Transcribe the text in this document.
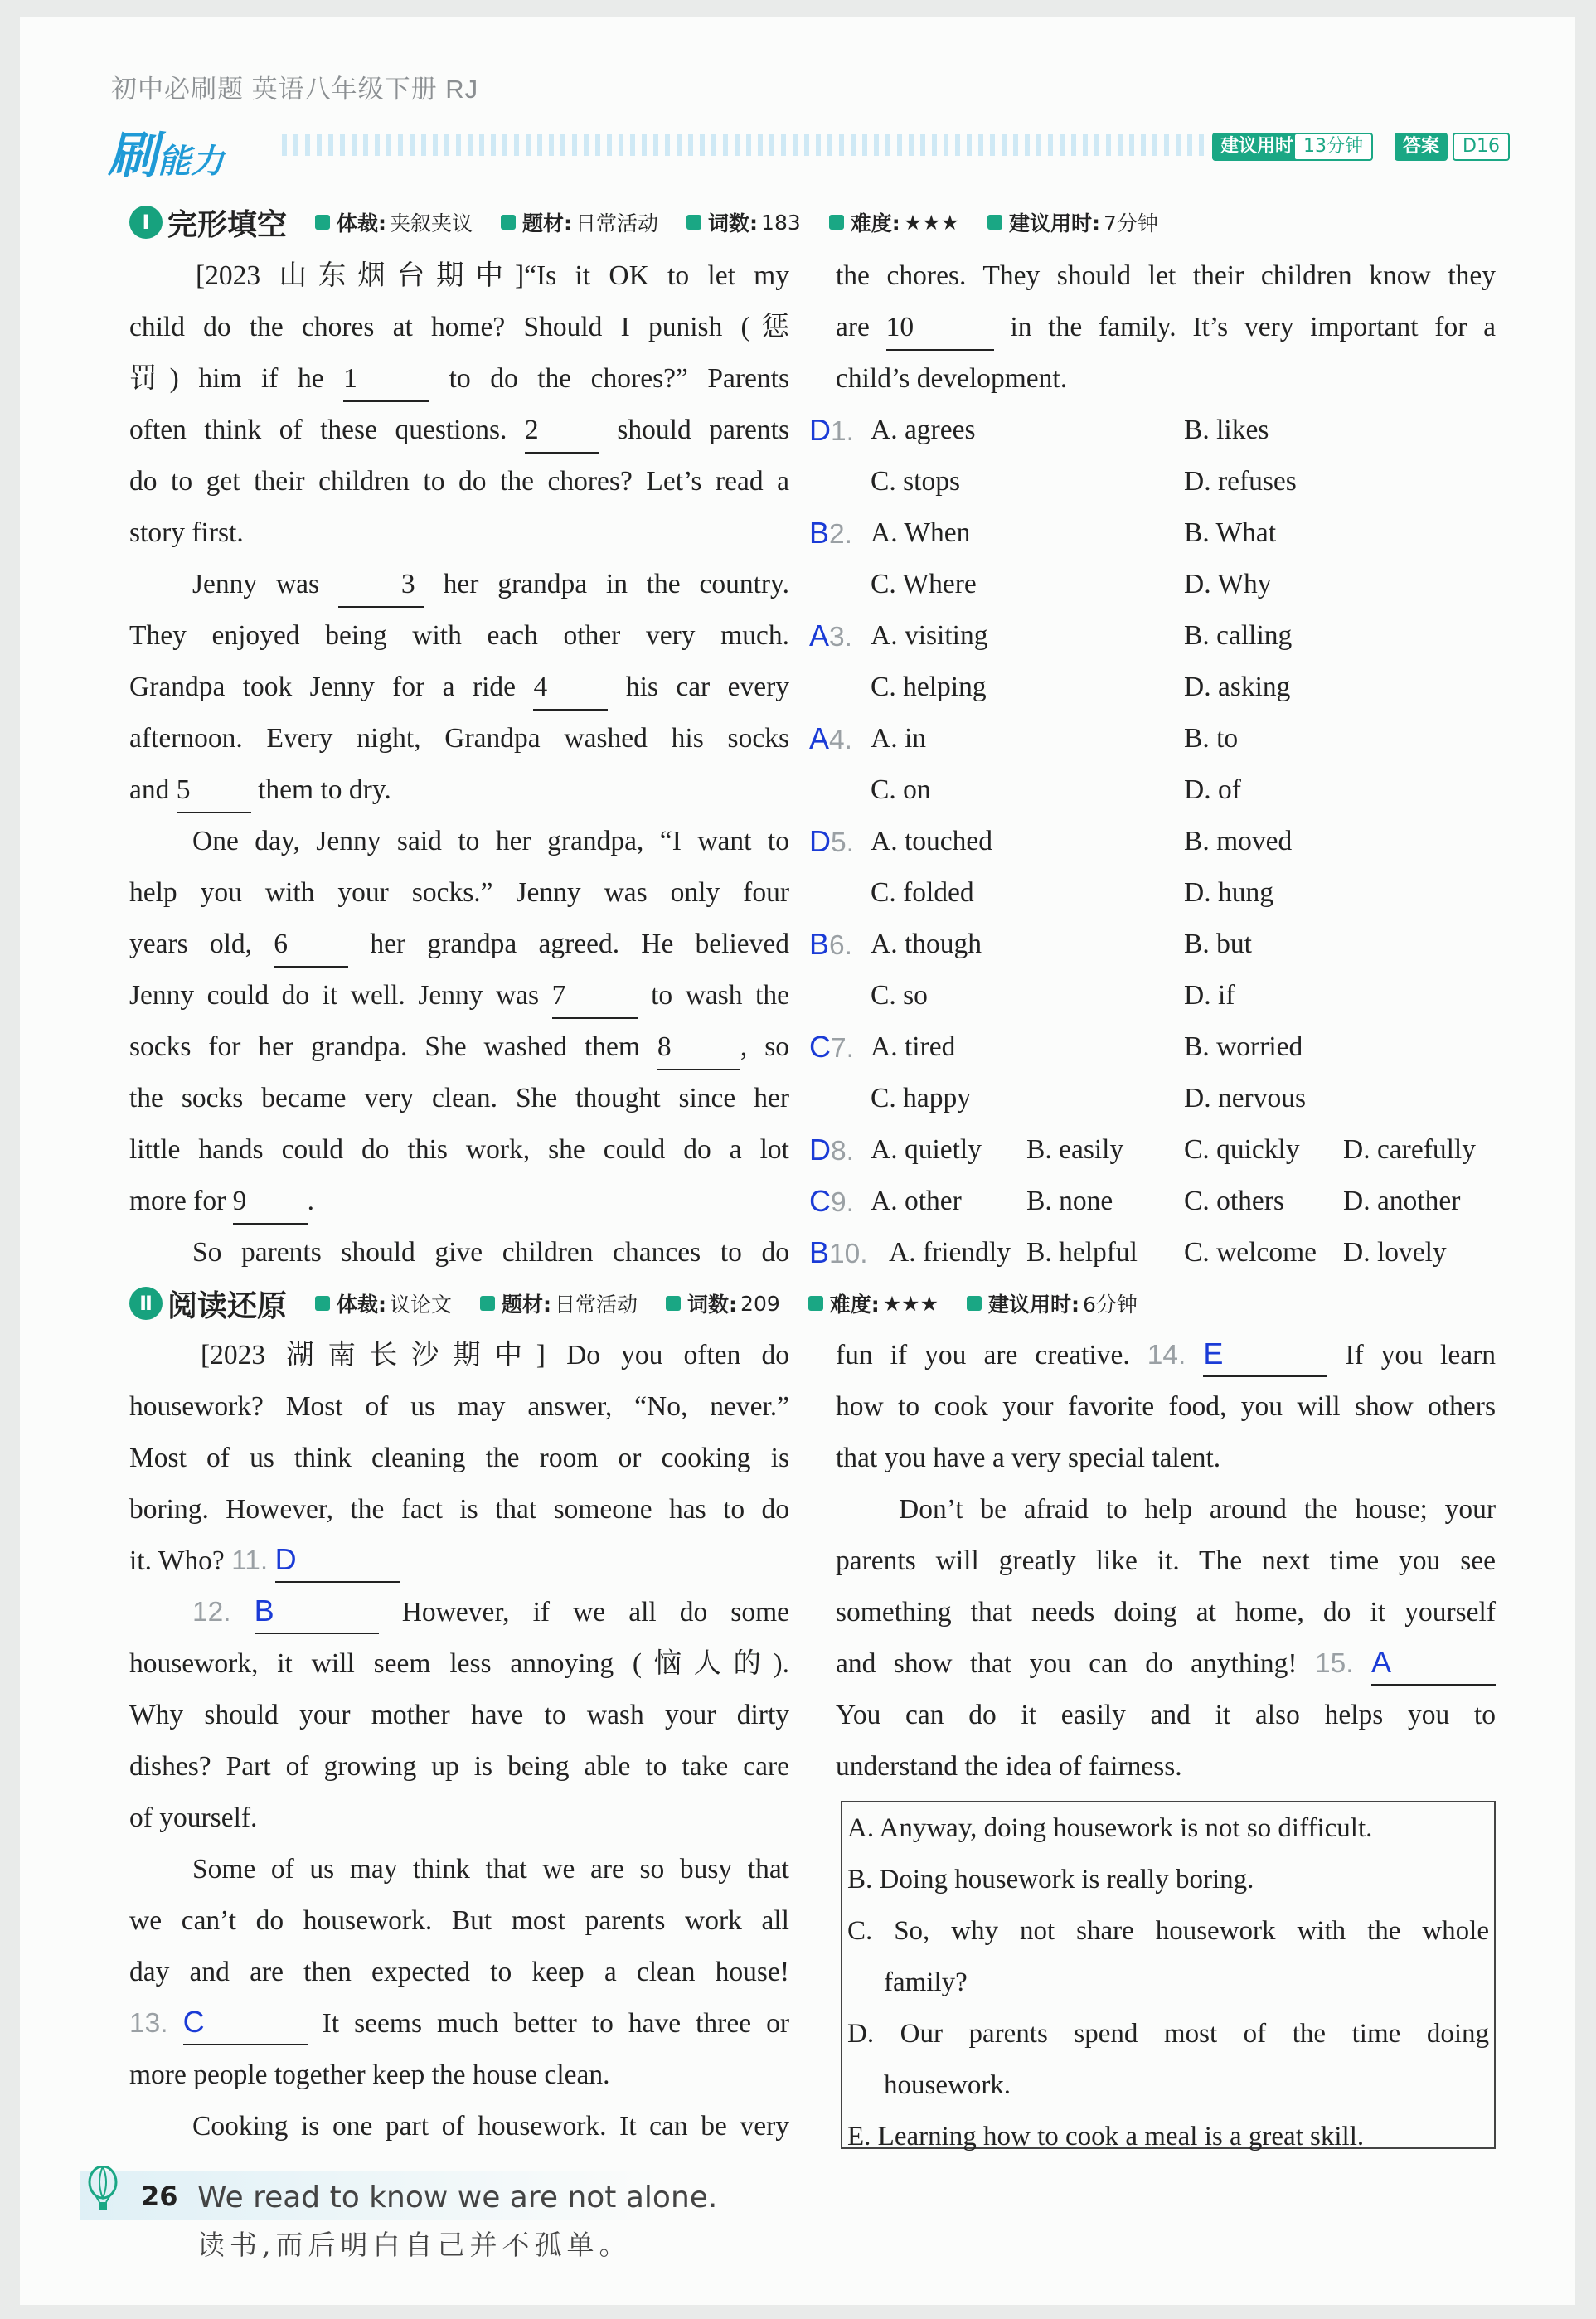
初中必刷题 英语八年级下册 RJ
刷能力	建议用时 13分钟	答案	D16
Ⅰ 完形填空 体裁: 夹叙夹议 题材: 日常活动 词数: 183 难度: ★★★ 建议用时: 7分钟

[2023 山东烟台期中]“Is it OK to let my

child do the chores at home? Should I punish (惩

罚) him if he 1	to do the chores?” Parents

often think of these questions. 2 should parents

do to get their children to do the chores? Let’s read a

story first.

Jenny was 3 her grandpa in the country.

They enjoyed being with each other very much.

Grandpa took Jenny for a ride 4 his car every

afternoon. Every night, Grandpa washed his socks

and 5 them to dry.

One day, Jenny said to her grandpa, “I want to

help you with your socks.” Jenny was only four

years old, 6 her grandpa agreed. He believed

Jenny could do it well. Jenny was 7	to wash the

socks for her grandpa. She washed them 8 , so

the socks became very clean. She thought since her

little hands could do this work, she could do a lot

more for 9 .

So parents should give children chances to do

the chores. They should let their children know they

are 10	in the family. It’s very important for a

child’s development.

D1. A. agrees	B. likes
C. stops	D. refuses
B2. A. When	B. What
C. Where	D. Why
A3. A. visiting	B. calling
C. helping	D. asking
A4. A. in	B. to
C. on	D. of
D5. A. touched	B. moved
C. folded	D. hung
B6. A. though	B. but
C. so	D. if
C7. A. tired	B. worried
C. happy	D. nervous
D8. A. quietly B. easily C. quickly D. carefully
C9. A. other B. none	C. others D. another
B10. A. friendly B. helpful C. welcome D. lovely
Ⅱ 阅读还原 体裁: 议论文 题材: 日常活动 词数: 209 难度: ★★★ 建议用时: 6分钟

[2023 湖南长沙期中] Do you often do

housework? Most of us may answer, “No, never.”

Most of us think cleaning the room or cooking is

boring. However, the fact is that someone has to do

it. Who? 11. D

12. B	However, if we all do some

housework, it will seem less annoying (恼人的).

Why should your mother have to wash your dirty

dishes? Part of growing up is being able to take care

of yourself.

Some of us may think that we are so busy that

we can’t do housework. But most parents work all

day and are then expected to keep a clean house!

13. C	It seems much better to have three or

more people together keep the house clean.

Cooking is one part of housework. It can be very

fun if you are creative. 14. E	If you learn

how to cook your favorite food, you will show others

that you have a very special talent.

Don’t be afraid to help around the house; your

parents will greatly like it. The next time you see

something that needs doing at home, do it yourself

and show that you can do anything! 15. A

You can do it easily and it also helps you to

understand the idea of fairness.

A. Anyway, doing housework is not so difficult.
B. Doing housework is really boring.
C. So, why not share housework with the whole
family?
D. Our parents spend most of the time doing
housework.
E. Learning how to cook a meal is a great skill.
26 We read to know we are not alone.
读书,而后明白自己并不孤单。
